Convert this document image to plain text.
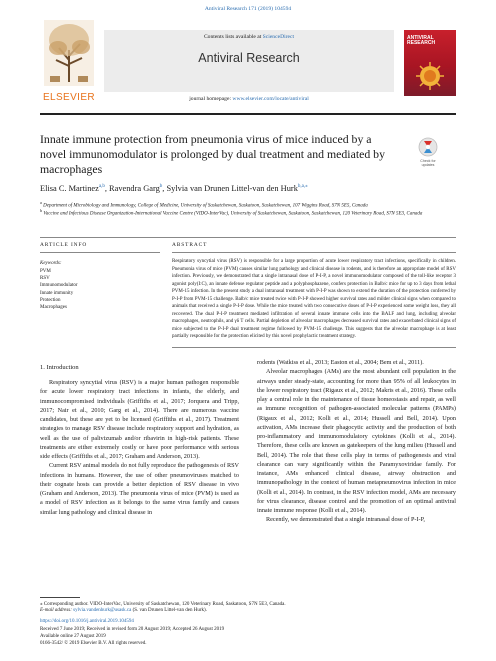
Antiviral Research 171 (2019) 104594
ELSEVIER
Contents lists available at ScienceDirect
Antiviral Research
journal homepage: www.elsevier.com/locate/antiviral
ANTIVIRAL RESEARCH
Innate immune protection from pneumonia virus of mice induced by a novel immunomodulator is prolonged by dual treatment and mediated by macrophages
Check for updates
Elisa C. Martinez$^{a,b}$, Ravendra Garg$^b$, Sylvia van Drunen Littel-van den Hurk$^{b,a,⁎}$
$^a$ Department of Microbiology and Immunology, College of Medicine, University of Saskatchewan, Saskatoon, Saskatchewan, 107 Wiggins Road, S7N 5E5, Canada
$^b$ Vaccine and Infectious Disease Organization-International Vaccine Centre (VIDO-InterVac), University of Saskatchewan, Saskatoon, Saskatchewan, 120 Veterinary Road, S7N 5E3, Canada
ARTICLE INFO	ABSTRACT
Keywords:
PVM
RSV
Immunomodulator
Innate immunity
Protection
Macrophages

Respiratory syncytial virus (RSV) is responsible for a large proportion of acute lower respiratory tract infections, specifically in children. Pneumonia virus of mice (PVM) causes similar lung pathology and clinical disease in rodents, and is therefore an appropriate model of RSV infection. Previously, we demonstrated that a single intranasal dose of P-I-P, a novel immunomodulator composed of the toll-like receptor 3 agonist poly(I:C), an innate defense regulator peptide and a polyphosphazene, confers protection in Balb/c mice for up to 3 days from lethal PVM-15 infection. In the present study a dual intranasal treatment with P-I-P was shown to extend the duration of the protection conferred by P-I-P from PVM-15 challenge. Balb/c mice treated twice with P-I-P showed higher survival rates and milder clinical signs when compared to animals that received a single P-I-P dose. While the mice treated with two consecutive doses of P-I-P experienced some weight loss, they all recovered. The dual P-I-P treatment mediated infiltration of several innate immune cells into the BALF and lung, including alveolar macrophages, neutrophils, and γδ T cells. Partial depletion of alveolar macrophages decreased survival rates and exacerbated clinical signs of mice subjected to the P-I-P dual treatment regime followed by PVM-15 challenge. This suggests that the alveolar macrophage is at least partially responsible for the protection elicited by this novel prophylactic treatment strategy.

1. Introduction

Respiratory syncytial virus (RSV) is a major human pathogen responsible for acute lower respiratory tract infections in infants, the elderly, and immunocompromised individuals (Griffiths et al., 2017; Jorquera and Tripp, 2017; Nair et al., 2010; Garg et al., 2014). There are numerous vaccine candidates, but these are yet to be licensed (Griffiths et al., 2017). Treatment strategies to manage RSV disease include respiratory support and hydration, as well as the use of palivizumab and/or ribavirin in high-risk patients. These treatments are either extremely costly or have poor performance with serious side effects (Griffiths et al., 2017; Graham and Anderson, 2013).

Current RSV animal models do not fully reproduce the pathogenesis of RSV infections in humans. However, the use of other pneumoviruses matched to their cognate hosts can provide a better depiction of RSV disease in vivo (Graham and Anderson, 2013). The pneumonia virus of mice (PVM) is used as a model of RSV infection as it belongs to the same virus family and causes similar lung pathology and clinical disease in

rodents (Watkiss et al., 2013; Easton et al., 2004; Bem et al., 2011).

Alveolar macrophages (AMs) are the most abundant cell population in the airways under steady-state, accounting for more than 95% of all leukocytes in the lower respiratory tract (Rigaux et al., 2012; Makris et al., 2016). These cells play a central role in the maintenance of tissue homeostasis and repair, as well as immune recognition of pathogen-associated molecular patterns (PAMPs) (Rigaux et al., 2012; Kolli et al., 2014; Hussell and Bell, 2014). Upon activation, AMs increase their phagocytic activity and the production of both pro-inflammatory and immunomodulatory cytokines (Kolli et al., 2014). Therefore, these cells are known as gatekeepers of the lung milieu (Hussell and Bell, 2014). The role that these cells play in terms of pathogenesis and viral clearance can vary significantly within the Paramyxoviridae family. For instance, AMs enhanced clinical disease, airway obstruction and immunopathology in the context of human metapneumovirus infection in mice (Kolli et al., 2014). In contrast, in the RSV infection model, AMs are necessary for virus clearance, disease control and the promotion of an optimal antiviral innate immune response (Kolli et al., 2014).

Recently, we demonstrated that a single intranasal dose of P-I-P,

⁎ Corresponding author. VIDO-InterVac, University of Saskatchewan, 120 Veterinary Road, Saskatoon, S7N 5E3, Canada.
E-mail address: sylvia.vandenhurk@usask.ca (S. van Drunen Littel-van den Hurk).
https://doi.org/10.1016/j.antiviral.2019.104594
Received 7 June 2019; Received in revised form 20 August 2019; Accepted 26 August 2019
Available online 27 August 2019
0166-3542/ © 2019 Elsevier B.V. All rights reserved.
